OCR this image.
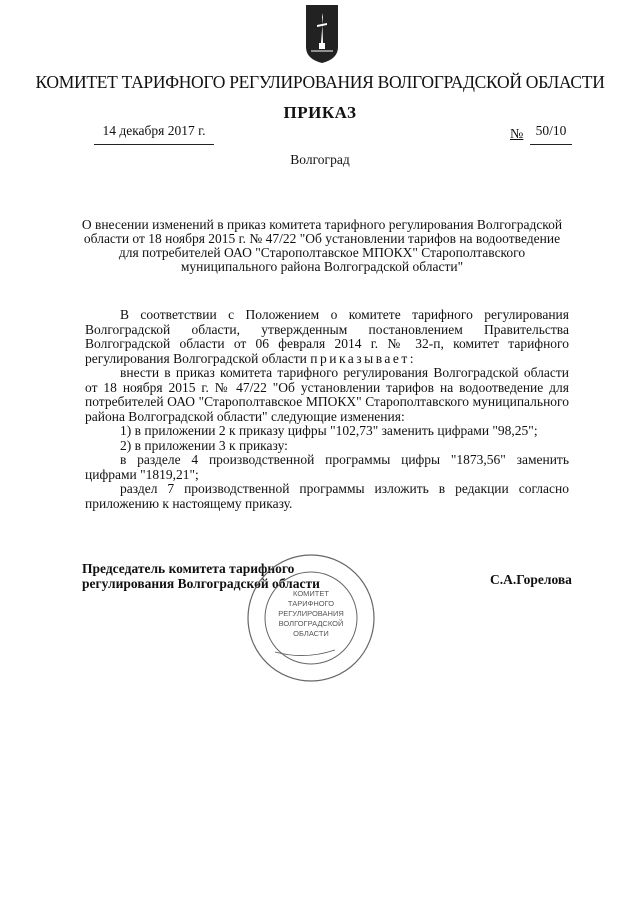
КОМИТЕТ ТАРИФНОГО РЕГУЛИРОВАНИЯ ВОЛГОГРАДСКОЙ ОБЛАСТИ
ПРИКАЗ
14 декабря 2017 г.	№ 50/10
Волгоград
О внесении изменений в приказ комитета тарифного регулирования Волгоградской области от 18 ноября 2015 г. № 47/22 "Об установлении тарифов на водоотведение для потребителей ОАО "Старополтавское МПОКХ" Старополтавского муниципального района Волгоградской области"

В соответствии с Положением о комитете тарифного регулирования Волгоградской области, утвержденным постановлением Правительства Волгоградской области от 06 февраля 2014 г. № 32-п, комитет тарифного регулирования Волгоградской области приказывает:

внести в приказ комитета тарифного регулирования Волгоградской области от 18 ноября 2015 г. № 47/22 "Об установлении тарифов на водоотведение для потребителей ОАО "Старополтавское МПОКХ" Старополтавского муниципального района Волгоградской области" следующие изменения:

1) в приложении 2 к приказу цифры "102,73" заменить цифрами "98,25";

2) в приложении 3 к приказу:

в разделе 4 производственной программы цифры "1873,56" заменить цифрами "1819,21";

раздел 7 производственной программы изложить в редакции согласно приложению к настоящему приказу.

Председатель комитета тарифного
регулирования Волгоградской области	С.А.Горелова
КОМИТЕТ
ТАРИФНОГО
РЕГУЛИРОВАНИЯ
ВОЛГОГРАДСКОЙ
ОБЛАСТИ
